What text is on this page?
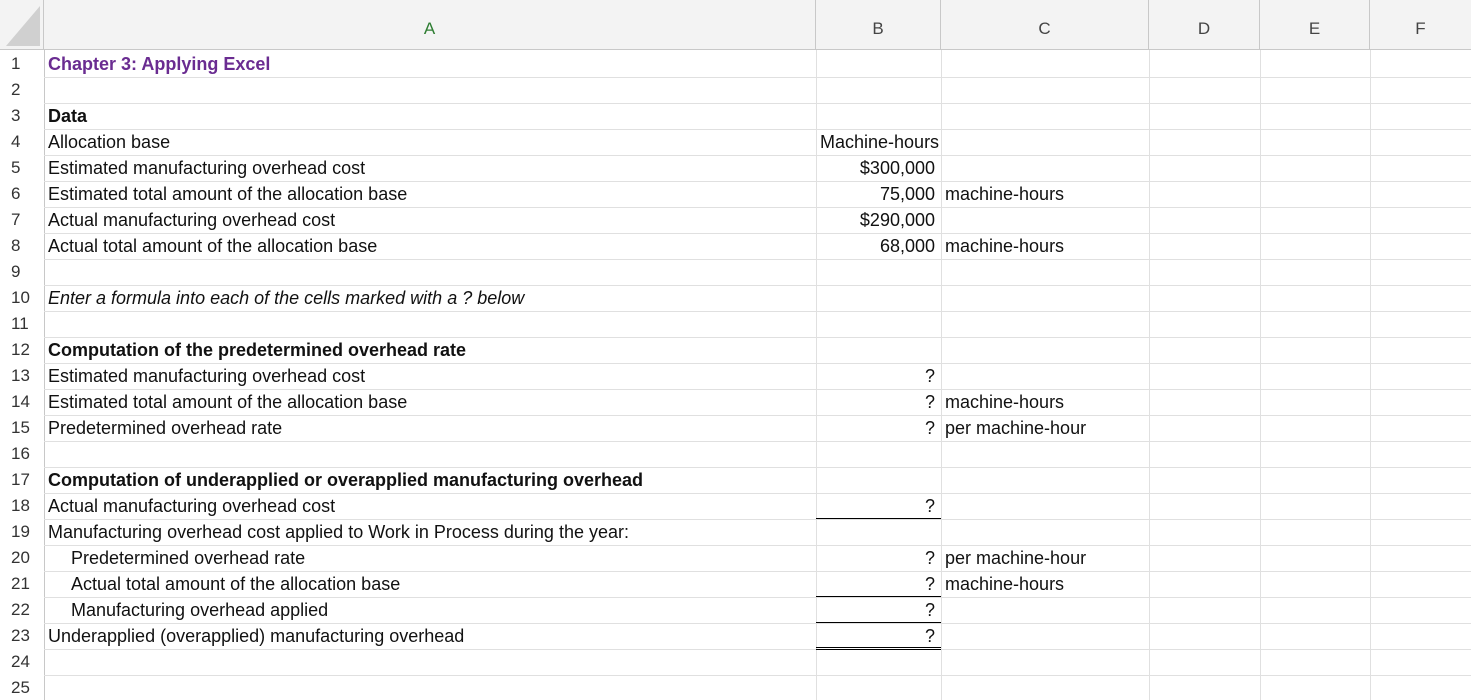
A	B	C	D	E	F
1	Chapter 3: Applying Excel
2
3	Data
4	Allocation base	Machine-hours
5	Estimated manufacturing overhead cost	$300,000
6	Estimated total amount of the allocation base	75,000 machine-hours
7	Actual manufacturing overhead cost	$290,000
8	Actual total amount of the allocation base	68,000 machine-hours
9
10	Enter a formula into each of the cells marked with a ? below
11
12	Computation of the predetermined overhead rate
13	Estimated manufacturing overhead cost	?
14	Estimated total amount of the allocation base	? machine-hours
15	Predetermined overhead rate	? per machine-hour
16
17	Computation of underapplied or overapplied manufacturing overhead
18	Actual manufacturing overhead cost	?
19	Manufacturing overhead cost applied to Work in Process during the year:
20	Predetermined overhead rate	? per machine-hour
21	Actual total amount of the allocation base	? machine-hours
22	Manufacturing overhead applied	?
23	Underapplied (overapplied) manufacturing overhead	?
24
25
